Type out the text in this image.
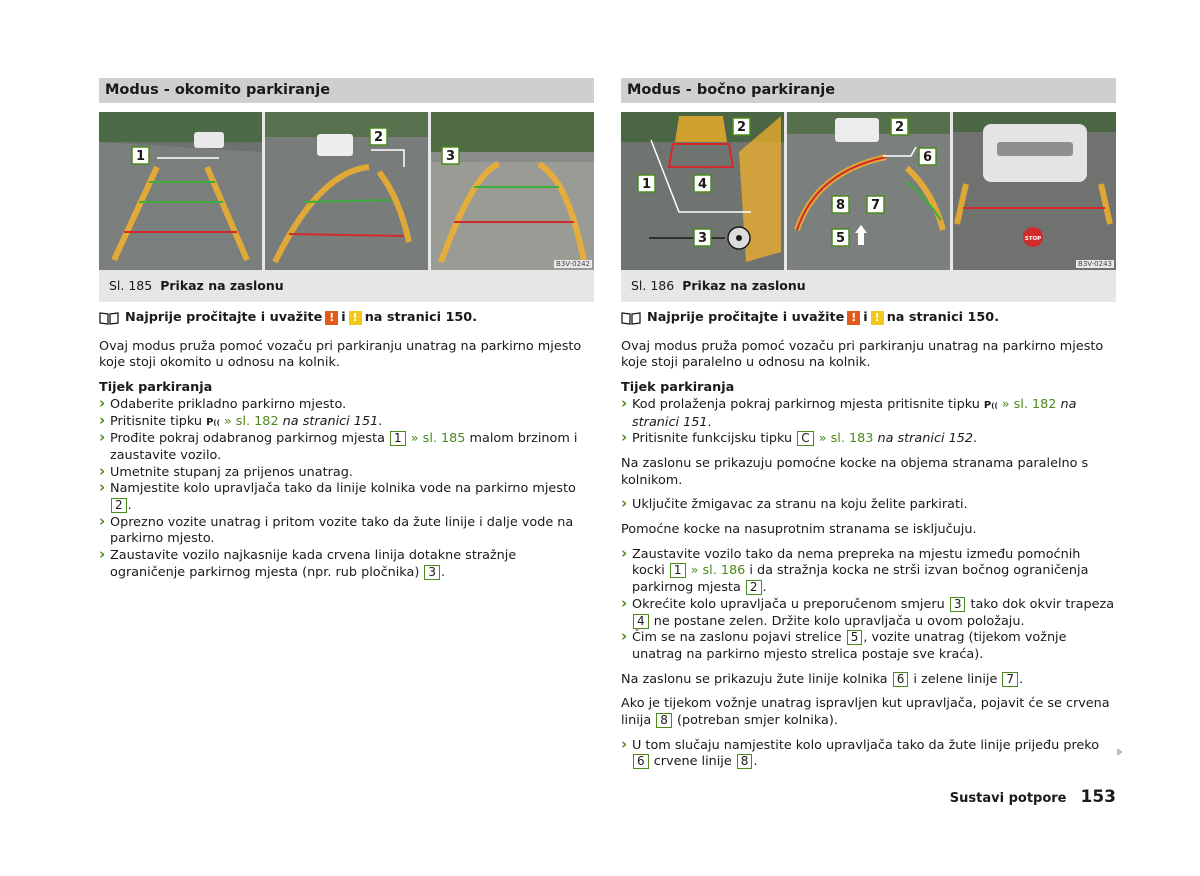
Modus - okomito parkiranje
1
2
3
B3V-0242
Sl. 185 Prikaz na zaslonu
Najprije pročitajte i uvažite ! i ! na stranici 150.

Ovaj modus pruža pomoć vozaču pri parkiranju unatrag na parkirno mjesto koje stoji okomito u odnosu na kolnik.

Tijek parkiranja
› Odaberite prikladno parkirno mjesto.
› Pritisnite tipku P(( » sl. 182 na stranici 151.
› Prođite pokraj odabranog parkirnog mjesta 1 » sl. 185 malom brzinom i zaustavite vozilo.
› Umetnite stupanj za prijenos unatrag.
› Namjestite kolo upravljača tako da linije kolnika vode na parkirno mjesto 2 .
› Oprezno vozite unatrag i pritom vozite tako da žute linije i dalje vode na parkirno mjesto.
› Zaustavite vozilo najkasnije kada crvena linija dotakne stražnje ograničenje parkirnog mjesta (npr. rub pločnika) 3 .
Modus - bočno parkiranje
2
1	4
3
2
6
8 7
5	STOP
B3V-0243
Sl. 186 Prikaz na zaslonu
Najprije pročitajte i uvažite ! i ! na stranici 150.

Ovaj modus pruža pomoć vozaču pri parkiranju unatrag na parkirno mjesto koje stoji paralelno u odnosu na kolnik.

Tijek parkiranja
› Kod prolaženja pokraj parkirnog mjesta pritisnite tipku P(( » sl. 182 na stranici 151.
› Pritisnite funkcijsku tipku C » sl. 183 na stranici 152.

Na zaslonu se prikazuju pomoćne kocke na objema stranama paralelno s kolnikom.

› Uključite žmigavac za stranu na koju želite parkirati.

Pomoćne kocke na nasuprotnim stranama se isključuju.

› Zaustavite vozilo tako da nema prepreka na mjestu između pomoćnih kocki 1 » sl. 186 i da stražnja kocka ne strši izvan bočnog ograničenja parkirnog mjesta 2 .
› Okrećite kolo upravljača u preporučenom smjeru 3 tako dok okvir trapeza 4 ne postane zelen. Držite kolo upravljača u ovom položaju.
› Čim se na zaslonu pojavi strelice 5 , vozite unatrag (tijekom vožnje unatrag na parkirno mjesto strelica postaje sve kraća).

Na zaslonu se prikazuju žute linije kolnika 6 i zelene linije 7 .

Ako je tijekom vožnje unatrag ispravljen kut upravljača, pojavit će se crvena linija 8 (potreban smjer kolnika).

› U tom slučaju namjestite kolo upravljača tako da žute linije prijeđu preko 6 crvene linije 8 .
Sustavi potpore 153
